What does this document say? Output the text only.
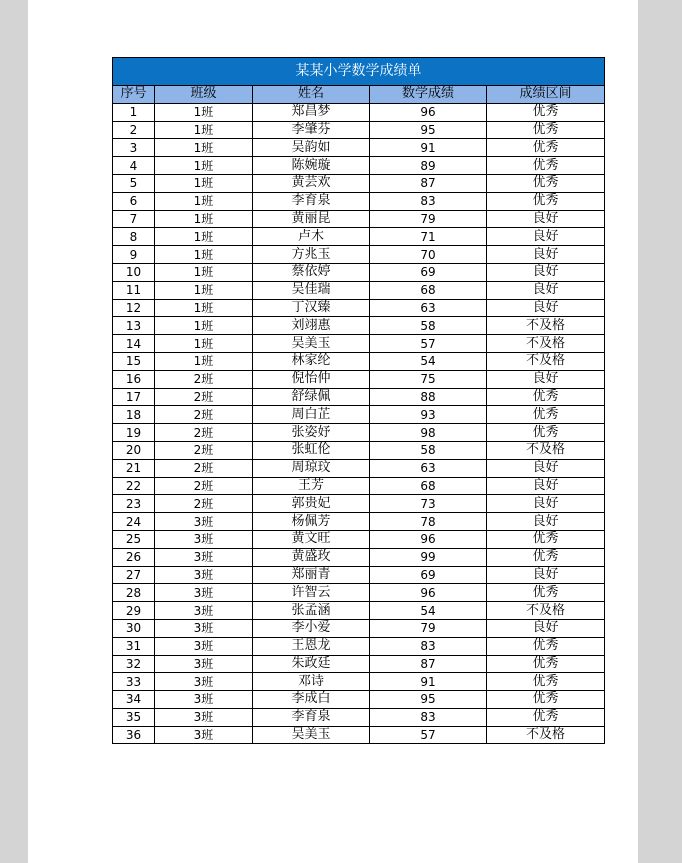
某某小学数学成绩单				
序号	班级	姓名	数学成绩	成绩区间
1	1班	郑昌梦	96	优秀
2	1班	李肇芬	95	优秀
3	1班	吴韵如	91	优秀
4	1班	陈婉璇	89	优秀
5	1班	黄芸欢	87	优秀
6	1班	李育泉	83	优秀
7	1班	黄丽昆	79	良好
8	1班	卢木	71	良好
9	1班	方兆玉	70	良好
10	1班	蔡依婷	69	良好
11	1班	吴佳瑞	68	良好
12	1班	丁汉臻	63	良好
13	1班	刘翊惠	58	不及格
14	1班	吴美玉	57	不及格
15	1班	林家纶	54	不及格
16	2班	倪怡仲	75	良好
17	2班	舒绿佩	88	优秀
18	2班	周白芷	93	优秀
19	2班	张姿妤	98	优秀
20	2班	张虹伦	58	不及格
21	2班	周琼玟	63	良好
22	2班	王芳	68	良好
23	2班	郭贵妃	73	良好
24	3班	杨佩芳	78	良好
25	3班	黄文旺	96	优秀
26	3班	黄盛玫	99	优秀
27	3班	郑丽青	69	良好
28	3班	许智云	96	优秀
29	3班	张孟涵	54	不及格
30	3班	李小爱	79	良好
31	3班	王恩龙	83	优秀
32	3班	朱政廷	87	优秀
33	3班	邓诗	91	优秀
34	3班	李成白	95	优秀
35	3班	李育泉	83	优秀
36	3班	吴美玉	57	不及格
